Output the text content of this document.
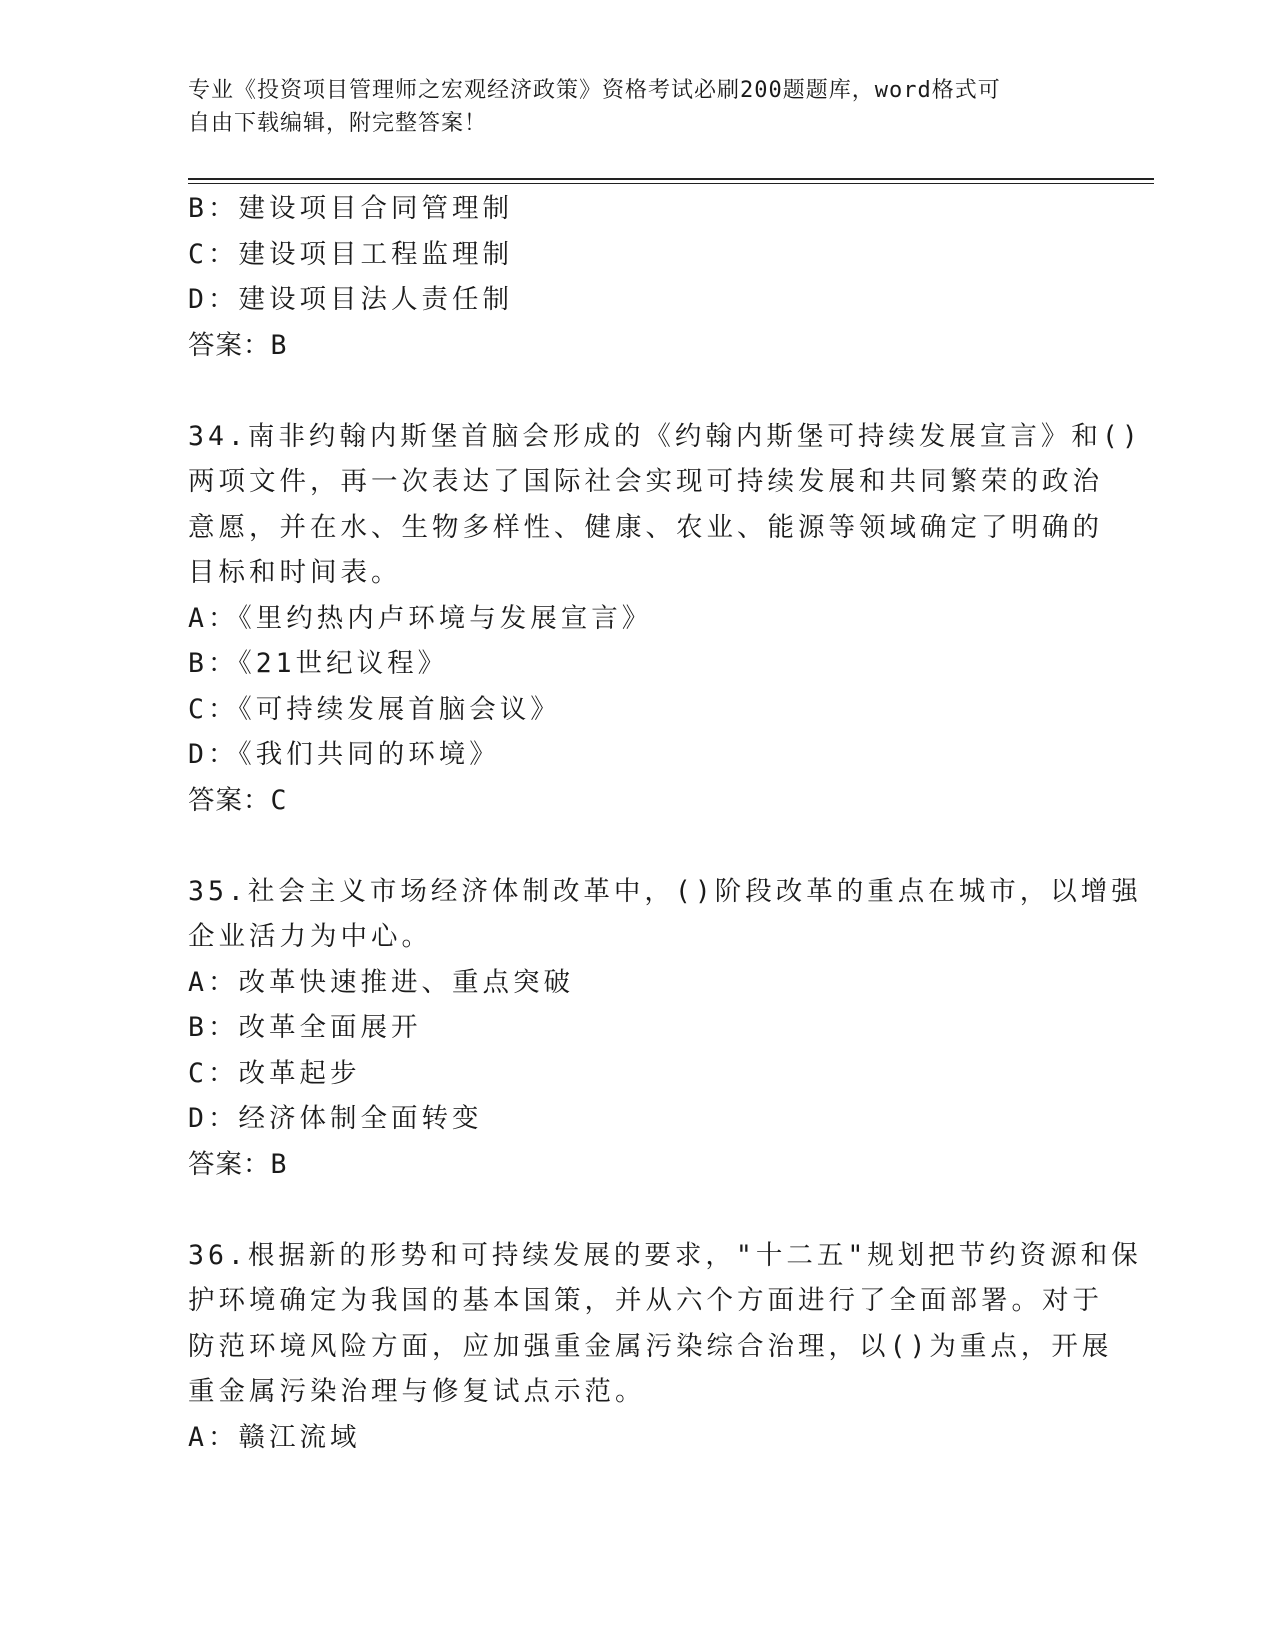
专业《投资项目管理师之宏观经济政策》资格考试必刷200题题库，word格式可
自由下载编辑，附完整答案！
B：建设项目合同管理制
C：建设项目工程监理制
D：建设项目法人责任制
答案：B
34.南非约翰内斯堡首脑会形成的《约翰内斯堡可持续发展宣言》和()
两项文件，再一次表达了国际社会实现可持续发展和共同繁荣的政治
意愿，并在水、生物多样性、健康、农业、能源等领域确定了明确的
目标和时间表。
A：《里约热内卢环境与发展宣言》
B：《21世纪议程》
C：《可持续发展首脑会议》
D：《我们共同的环境》
答案：C
35.社会主义市场经济体制改革中，()阶段改革的重点在城市，以增强
企业活力为中心。
A：改革快速推进、重点突破
B：改革全面展开
C：改革起步
D：经济体制全面转变
答案：B
36.根据新的形势和可持续发展的要求，"十二五"规划把节约资源和保
护环境确定为我国的基本国策，并从六个方面进行了全面部署。对于
防范环境风险方面，应加强重金属污染综合治理，以()为重点，开展
重金属污染治理与修复试点示范。
A：赣江流域
